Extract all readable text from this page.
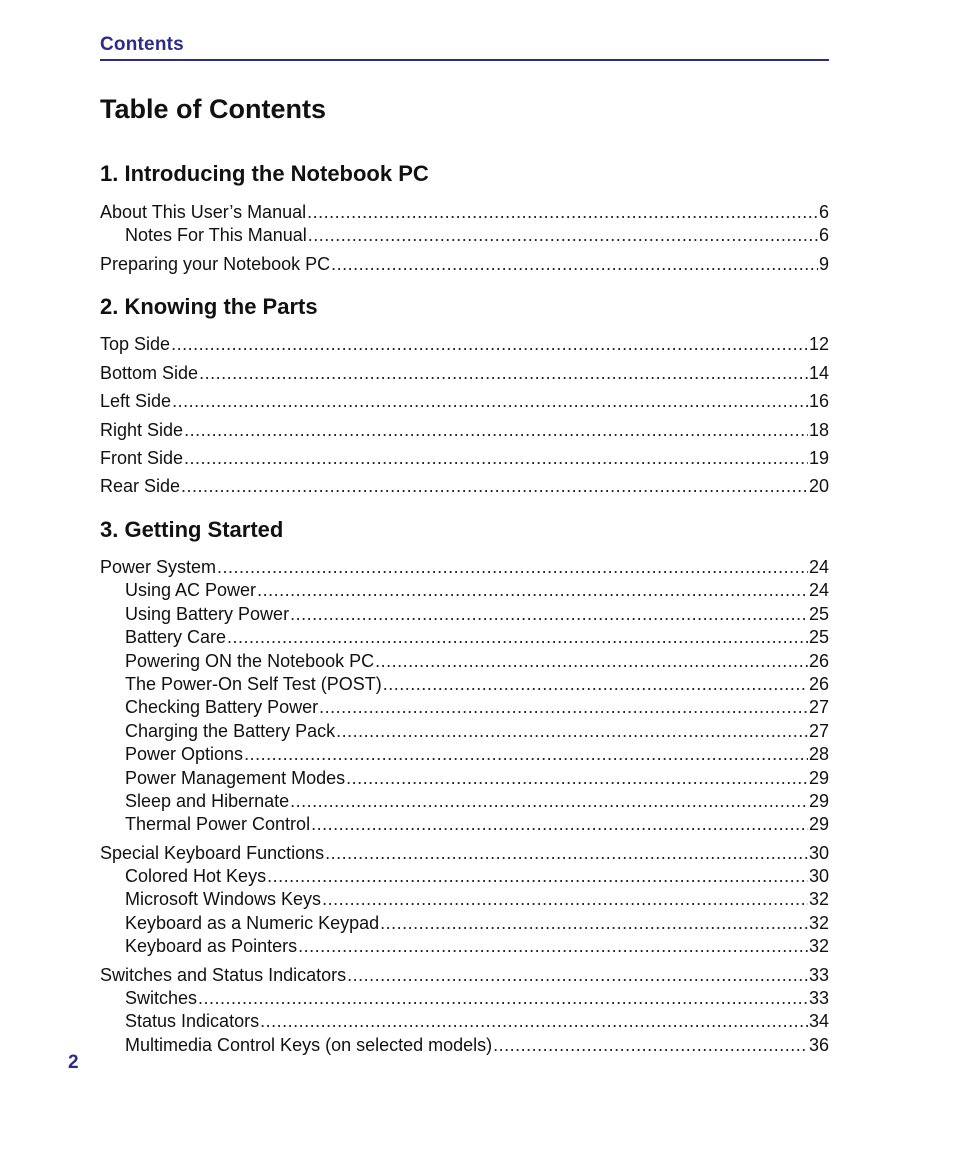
Contents
Table of Contents
1. Introducing the Notebook PC
About This User’s Manual .....	6
Notes For This Manual .....	6
Preparing your Notebook PC .....	9
2. Knowing the Parts
Top Side .....	12
Bottom Side .....	14
Left Side .....	16
Right Side .....	18
Front Side .....	19
Rear Side .....	20
3. Getting Started
Power System .....	24
Using AC Power .....	24
Using Battery Power .....	25
Battery Care .....	25
Powering ON the Notebook PC .....	26
The Power-On Self Test (POST) .....	26
Checking Battery Power .....	27
Charging the Battery Pack .....	27
Power Options .....	28
Power Management Modes .....	29
Sleep and Hibernate .....	29
Thermal Power Control .....	29
Special Keyboard Functions .....	30
Colored Hot Keys .....	30
Microsoft Windows Keys .....	32
Keyboard as a Numeric Keypad .....	32
Keyboard as Pointers .....	32
Switches and Status Indicators .....	33
Switches .....	33
Status Indicators .....	34
Multimedia Control Keys (on selected models) .....	36
2
